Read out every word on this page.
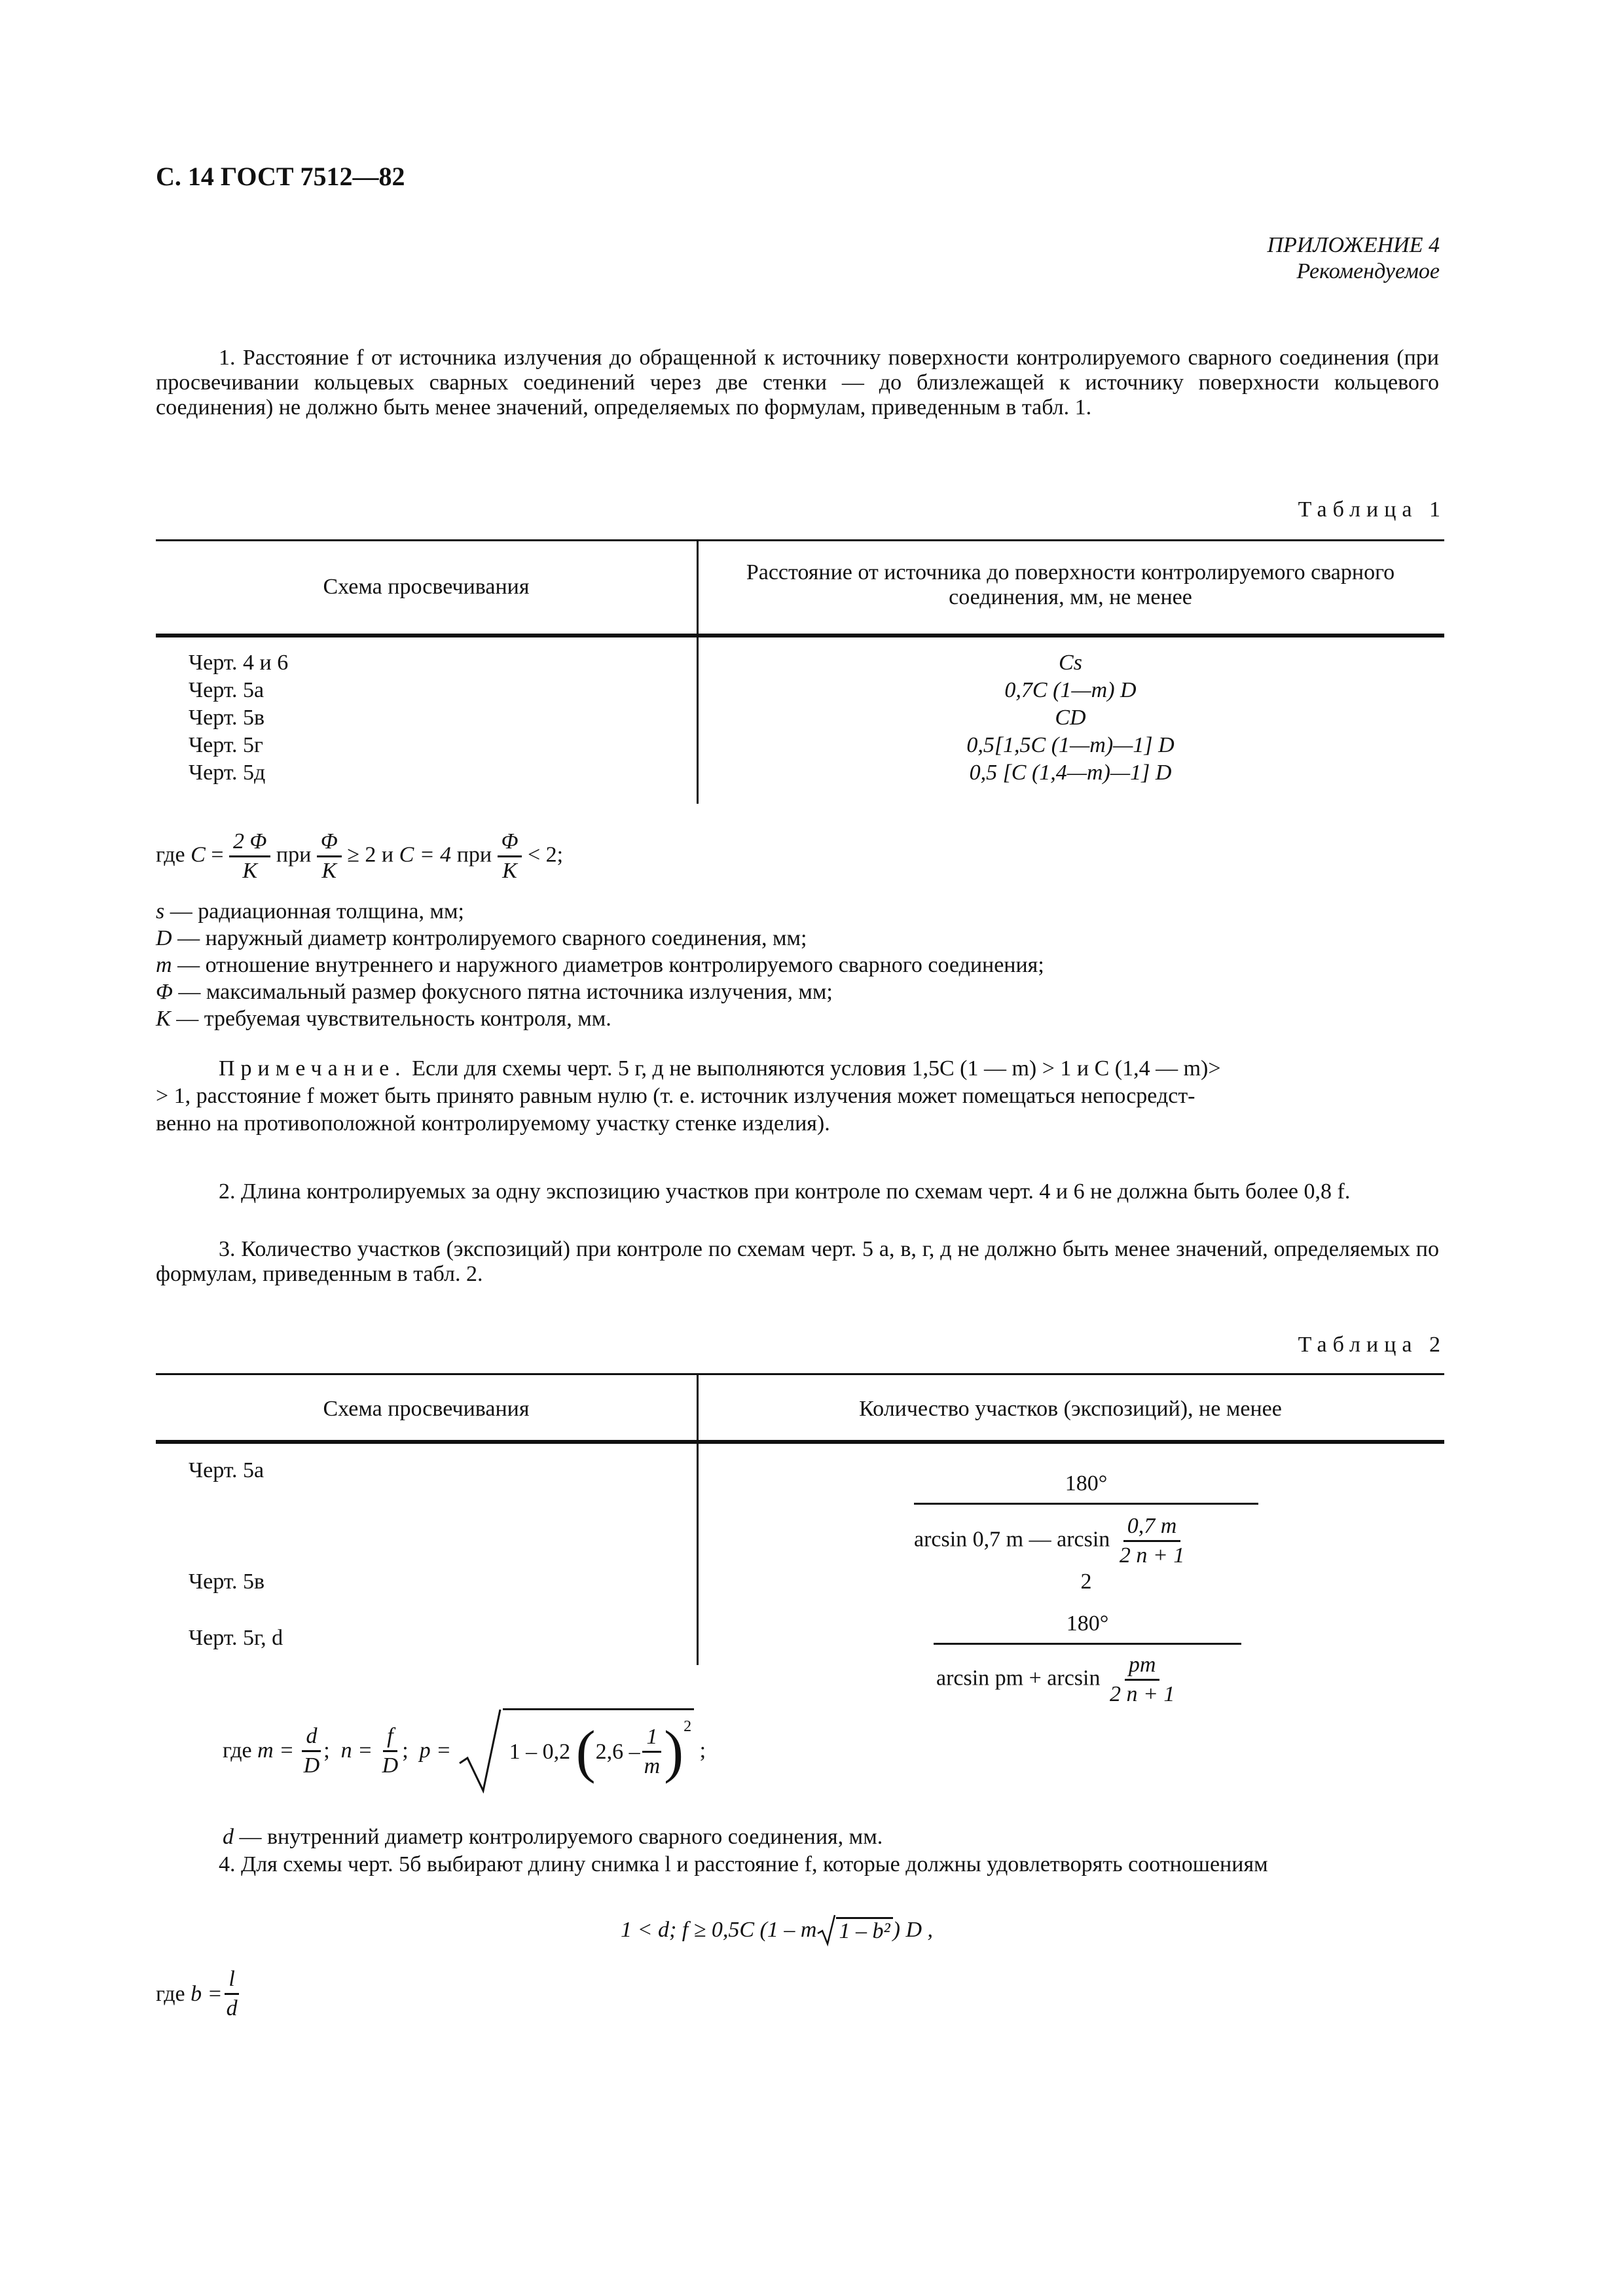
С. 14 ГОСТ 7512—82
ПРИЛОЖЕНИЕ 4
Рекомендуемое
1. Расстояние f от источника излучения до обращенной к источнику поверхности контролируемого сварного соединения (при просвечивании кольцевых сварных соединений через две стенки — до близлежащей к источнику поверхности кольцевого соединения) не должно быть менее значений, определяемых по формулам, приведенным в табл. 1.
Таблица 1
Схема просвечивания
Расстояние от источника до поверхности контролируемого сварного соединения, мм, не менее
Черт. 4 и 6
Черт. 5а
Черт. 5в
Черт. 5г
Черт. 5д
Cs
0,7C (1—m) D
CD
0,5[1,5C (1—m)—1] D
0,5 [C (1,4—m)—1] D
где $C = \frac{2 \Phi}{K}$ при $\frac{\Phi}{K} \ge 2$ и C = 4 при $\frac{\Phi}{K} < 2$;
s — радиационная толщина, мм;
D — наружный диаметр контролируемого сварного соединения, мм;
m — отношение внутреннего и наружного диаметров контролируемого сварного соединения;
Φ — максимальный размер фокусного пятна источника излучения, мм;
K — требуемая чувствительность контроля, мм.
Примечание. Если для схемы черт. 5 г, д не выполняются условия 1,5C (1 — m) > 1 и C (1,4 — m)>
> 1, расстояние f может быть принято равным нулю (т. е. источник излучения может помещаться непосредст-
венно на противоположной контролируемому участку стенке изделия).
2. Длина контролируемых за одну экспозицию участков при контроле по схемам черт. 4 и 6 не должна быть более 0,8 f.
3. Количество участков (экспозиций) при контроле по схемам черт. 5 а, в, г, д не должно быть менее значений, определяемых по формулам, приведенным в табл. 2.
Таблица 2
Схема просвечивания	Количество участков (экспозиций), не менее
Черт. 5а
Черт. 5в
Черт. 5г, d
180°
arcsin 0,7 m — $\arcsin \frac{0,7 m}{2 n + 1}$
2
180°
arcsin pm + $\arcsin \frac{pm}{2 n + 1}$
где
m =
$\frac{d}{D}$ ;
n =
$\frac{f}{D}$ ;
p =
	1 – 0,2
( $2,6 - \frac{1}{m}$ ) 2

;
d — внутренний диаметр контролируемого сварного соединения, мм.
4. Для схемы черт. 5б выбирают длину снимка l и расстояние f, которые должны удовлетворять соотношениям
1 < d;
f ≥ 0,5C (1 – m 1 – b² ) D ,
где
$b = \frac{l}{d}$
